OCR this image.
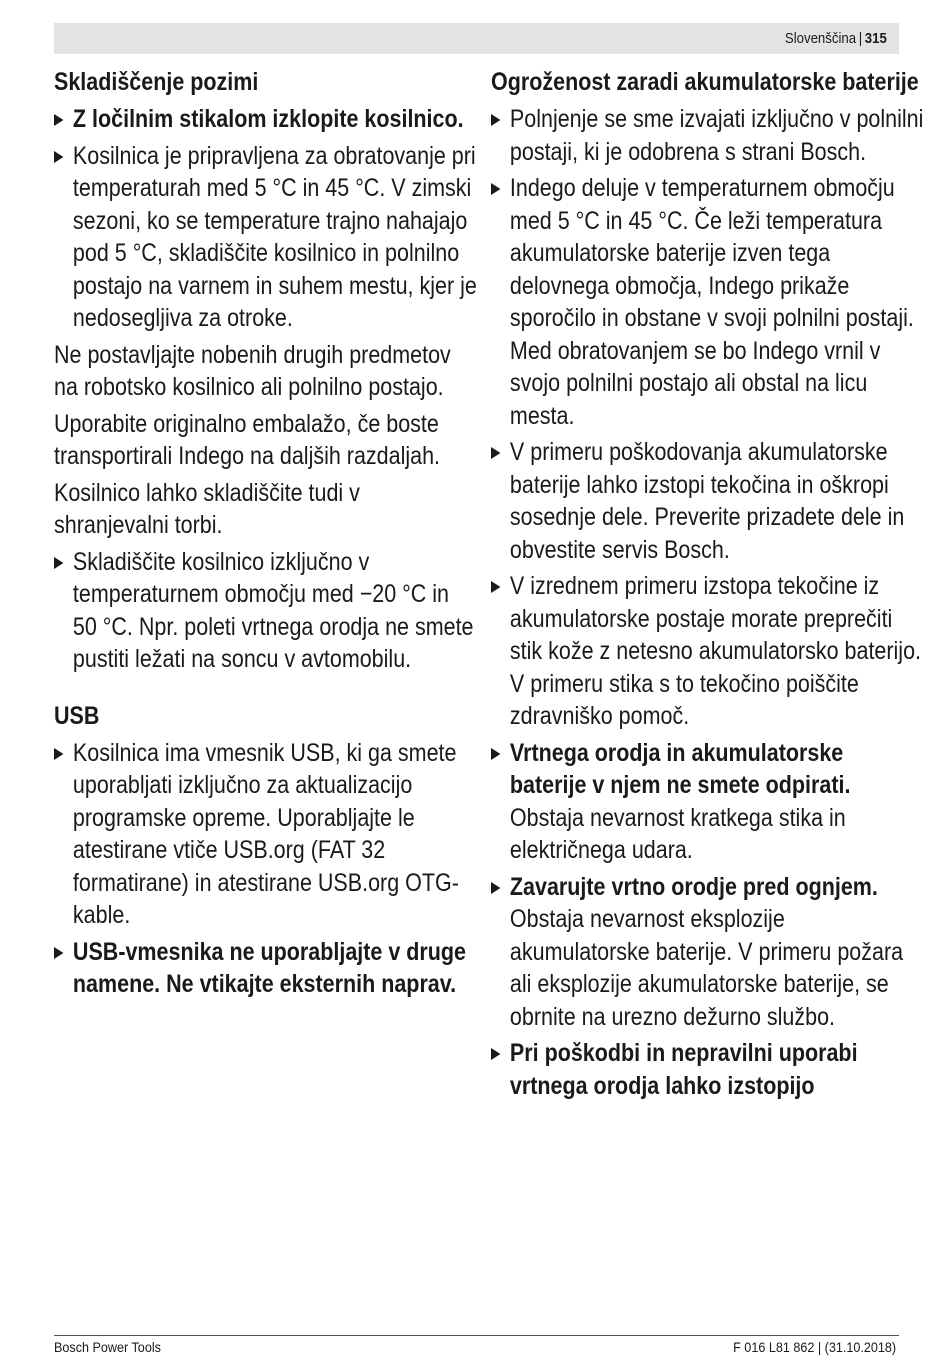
Slovenščina | 315
Skladiščenje pozimi
Z ločilnim stikalom izklopite kosilnico.
Kosilnica je pripravljena za obratovanje pri temperaturah med 5 °C in 45 °C. V zimski sezoni, ko se temperature trajno nahajajo pod 5 °C, skladiščite kosilnico in polnilno postajo na varnem in suhem mestu, kjer je nedosegljiva za otroke.

Ne postavljajte nobenih drugih predmetov na robotsko kosilnico ali polnilno postajo.

Uporabite originalno embalažo, če boste transportirali Indego na daljših razdaljah.

Kosilnico lahko skladiščite tudi v shranjevalni torbi.

Skladiščite kosilnico izključno v temperaturnem območju med −20 °C in 50 °C. Npr. poleti vrtnega orodja ne smete pustiti ležati na soncu v avtomobilu.
USB
Kosilnica ima vmesnik USB, ki ga smete uporabljati izključno za aktualizacijo programske opreme. Uporabljajte le atestirane vtiče USB.org (FAT 32 formatirane) in atestirane USB.org OTG-kable.
USB-vmesnika ne uporabljajte v druge namene. Ne vtikajte eksternih naprav.
Ogroženost zaradi akumulatorske baterije
Polnjenje se sme izvajati izključno v polnilni postaji, ki je odobrena s strani Bosch.
Indego deluje v temperaturnem območju med 5 °C in 45 °C. Če leži temperatura akumulatorske baterije izven tega delovnega območja, Indego prikaže sporočilo in obstane v svoji polnilni postaji. Med obratovanjem se bo Indego vrnil v svojo polnilni postajo ali obstal na licu mesta.
V primeru poškodovanja akumulatorske baterije lahko izstopi tekočina in oškropi sosednje dele. Preverite prizadete dele in obvestite servis Bosch.
V izrednem primeru izstopa tekočine iz akumulatorske postaje morate preprečiti stik kože z netesno akumulatorsko baterijo. V primeru stika s to tekočino poiščite zdravniško pomoč.
Vrtnega orodja in akumulatorske baterije v njem ne smete odpirati. Obstaja nevarnost kratkega stika in električnega udara.
Zavarujte vrtno orodje pred ognjem. Obstaja nevarnost eksplozije akumulatorske baterije. V primeru požara ali eksplozije akumulatorske baterije, se obrnite na urezno dežurno službo.
Pri poškodbi in nepravilni uporabi vrtnega orodja lahko izstopijo
Bosch Power Tools	F 016 L81 862 | (31.10.2018)
